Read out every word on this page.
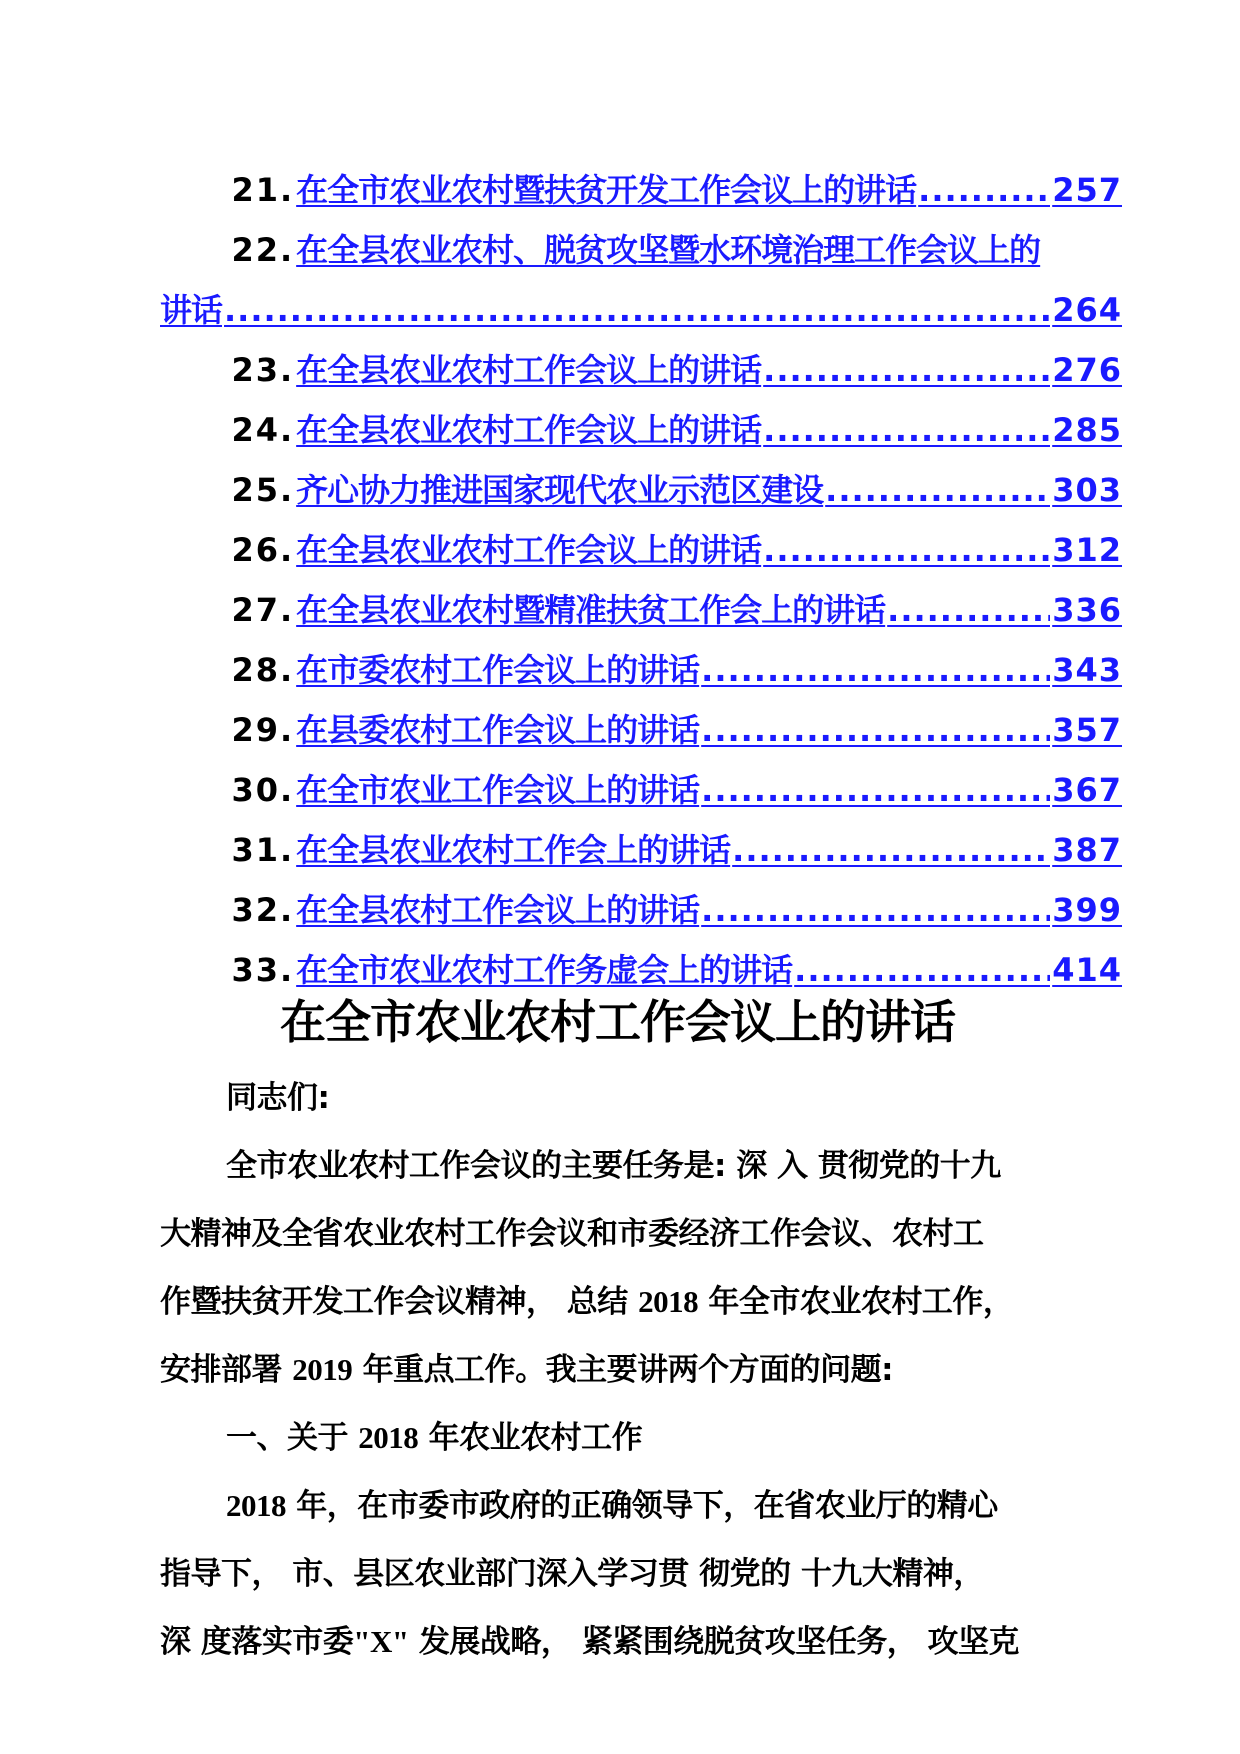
21 . 在全市农业农村暨扶贫开发工作会议上的讲话 .....	257
22 . 在全县农业农村、脱贫攻坚暨水环境治理工作会议上的
讲话 .....	264
23 . 在全县农业农村工作会议上的讲话 .....	276
24 . 在全县农业农村工作会议上的讲话 .....	285
25 . 齐心协力推进国家现代农业示范区建设 .....	303
26 . 在全县农业农村工作会议上的讲话 .....	312
27 . 在全县农业农村暨精准扶贫工作会上的讲话 .....	336
28 . 在市委农村工作会议上的讲话 .....	343
29 . 在县委农村工作会议上的讲话 .....	357
30 . 在全市农业工作会议上的讲话 .....	367
31 . 在全县农业农村工作会上的讲话 .....	387
32 . 在全县农村工作会议上的讲话 .....	399
33 . 在全市农业农村工作务虚会上的讲话 .....	414
在全市农业农村工作会议上的讲话
同志们:
全市农业农村工作会议的主要任务是: 深 入 贯彻党的十九
大精神及全省农业农村工作会议和市委经济工作会议、农村工
作暨扶贫开发工作会议精神， 总结 2018 年全市农业农村工作，
安排部署 2019 年重点工作。我主要讲两个方面的问题:
一、关于 2018 年农业农村工作
2018 年，在市委市政府的正确领导下，在省农业厅的精心
指导下， 市、县区农业部门深入学习贯 彻党的 十九大精神，
深 度落实市委"X" 发展战略， 紧紧围绕脱贫攻坚任务， 攻坚克
